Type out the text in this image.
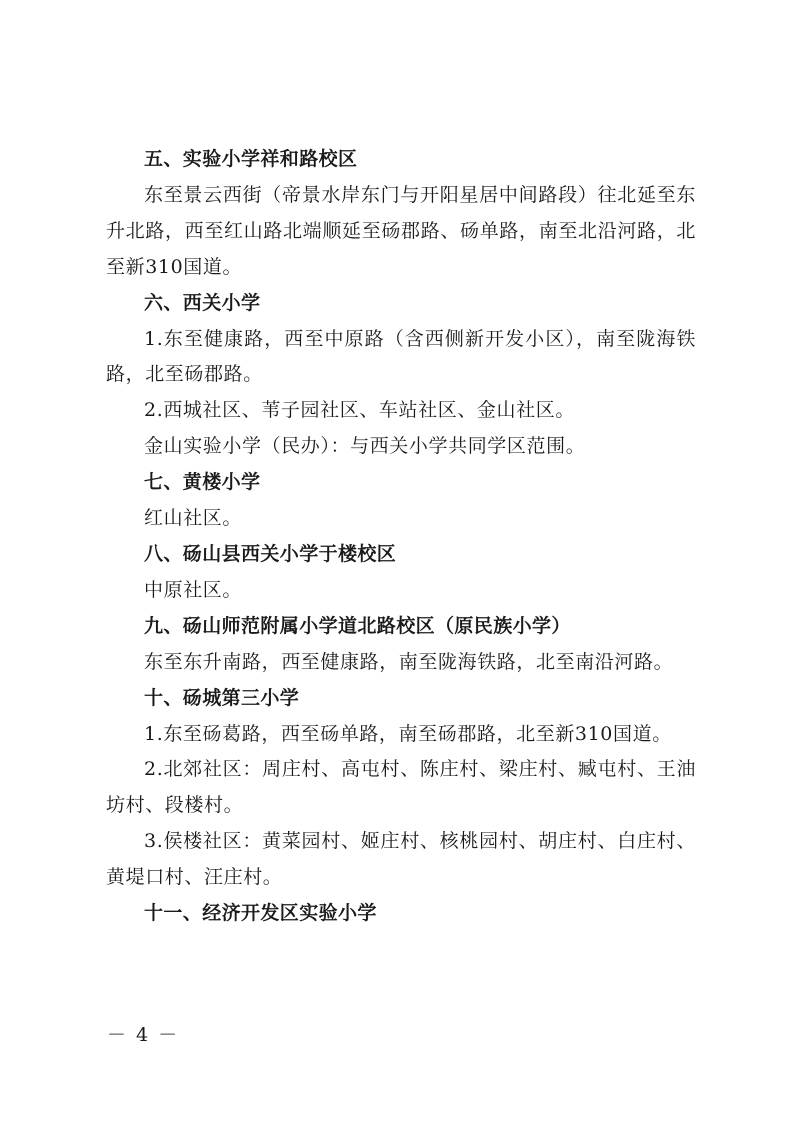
五、实验小学祥和路校区

东至景云西街（帝景水岸东门与开阳星居中间路段）往北延至东升北路，西至红山路北端顺延至砀郡路、砀单路，南至北沿河路，北至新310国道。

六、西关小学

1.东至健康路，西至中原路（含西侧新开发小区），南至陇海铁路，北至砀郡路。

2.西城社区、苇子园社区、车站社区、金山社区。

金山实验小学（民办）：与西关小学共同学区范围。

七、黄楼小学

红山社区。

八、砀山县西关小学于楼校区

中原社区。

九、砀山师范附属小学道北路校区（原民族小学）

东至东升南路，西至健康路，南至陇海铁路，北至南沿河路。

十、砀城第三小学

1.东至砀葛路，西至砀单路，南至砀郡路，北至新310国道。

2.北郊社区：周庄村、高屯村、陈庄村、梁庄村、臧屯村、王油坊村、段楼村。

3.侯楼社区：黄菜园村、姬庄村、核桃园村、胡庄村、白庄村、黄堤口村、汪庄村。

十一、经济开发区实验小学

－ 4 －
